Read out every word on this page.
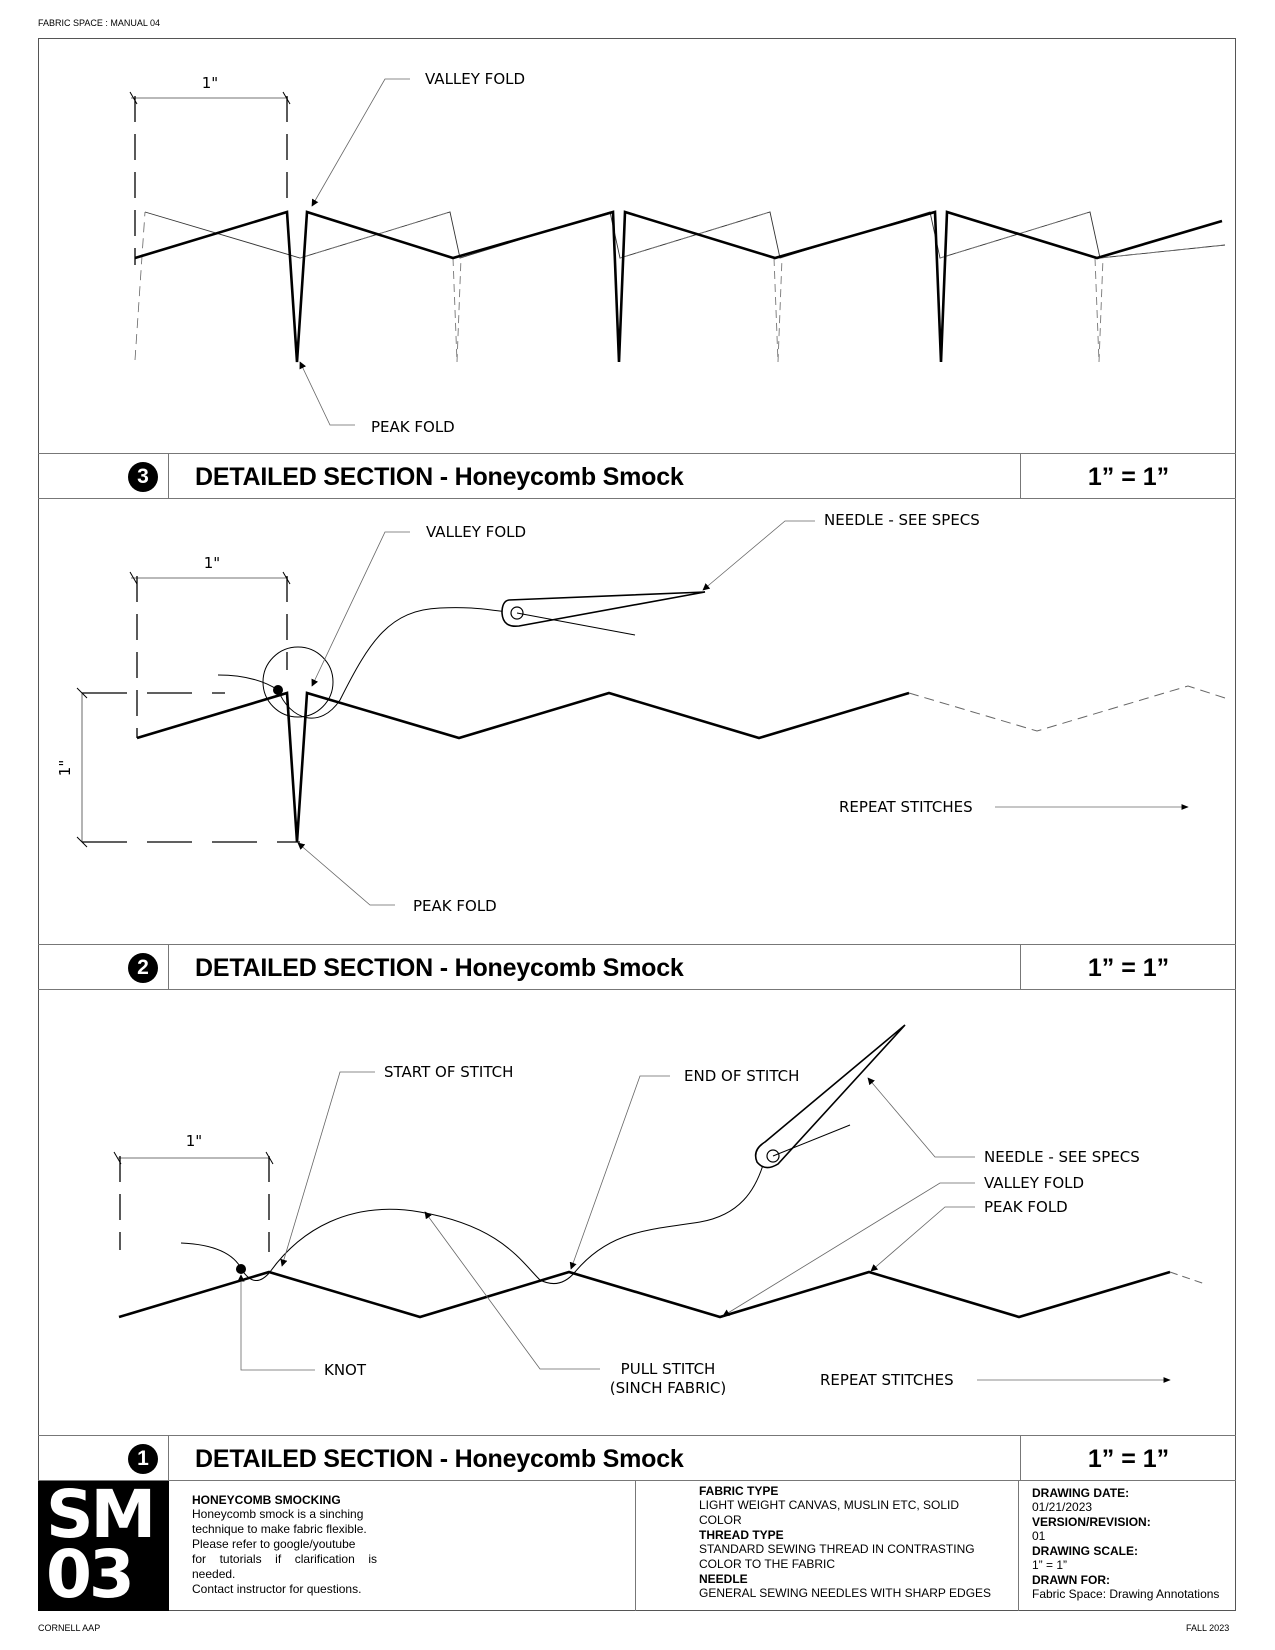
FABRIC SPACE : MANUAL 04
CORNELL AAP	FALL 2023
1"	VALLEY FOLD
PEAK FOLD
3	DETAILED SECTION - Honeycomb Smock	1” = 1”
1"
1"
VALLEY FOLD
NEEDLE - SEE SPECS
REPEAT STITCHES
PEAK FOLD
2	DETAILED SECTION - Honeycomb Smock	1” = 1”
1"
START OF STITCH	END OF STITCH
NEEDLE - SEE SPECS
VALLEY FOLD
PEAK FOLD
KNOT	PULL STITCH
(SINCH FABRIC)	REPEAT STITCHES
1	DETAILED SECTION - Honeycomb Smock	1” = 1”
SM
03
HONEYCOMB SMOCKING
Honeycomb smock is a sinching
technique to make fabric flexible.
Please refer to google/youtube
for tutorials if clarification is
needed.
Contact instructor for questions.
FABRIC TYPE
LIGHT WEIGHT CANVAS, MUSLIN ETC, SOLID
COLOR
THREAD TYPE
STANDARD SEWING THREAD IN CONTRASTING
COLOR TO THE FABRIC
NEEDLE
GENERAL SEWING NEEDLES WITH SHARP EDGES
DRAWING DATE:
01/21/2023
VERSION/REVISION:
01
DRAWING SCALE:
1” = 1”
DRAWN FOR:
Fabric Space: Drawing Annotations
